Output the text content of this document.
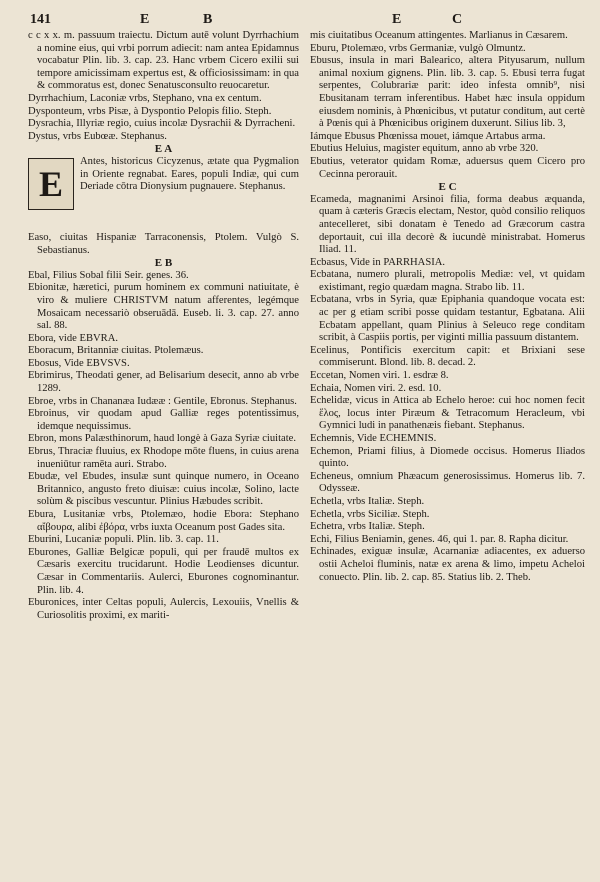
141	E	B	E	C

c c x x. m. passuum traiectu. Dictum autē volunt Dyrrhachium a nomine eius, qui vrbi porrum adiecit: nam antea Epidamnus vocabatur Plin. lib. 3. cap. 23. Hanc vrbem Cicero exilii sui tempore amicissimam expertus est, & officiosissimam: in qua & commoratus est, donec Senatusconsulto reuocaretur.

Dyrrhachium, Laconiæ vrbs, Stephano, vna ex centum.

Dysponteum, vrbs Pisæ, à Dyspontio Pelopis filio. Steph.

Dysrachia, Illyriæ regio, cuius incolæ Dysrachii & Dyrracheni.

Dystus, vrbs Eubœæ. Stephanus.

E A

E

Antes, historicus Cicyzenus, ætate qua Pygmalion in Oriente regnabat. Eares, populi Indiæ, qui cum Deriade cōtra Dionysium pugnauere. Stephanus.

Easo, ciuitas Hispaniæ Tarraconensis, Ptolem. Vulgò S. Sebastianus.

E B

Ebal, Filius Sobal filii Seir. genes. 36.

Ebionitæ, hæretici, purum hominem ex communi natiuitate, è viro & muliere CHRISTVM natum afferentes, legémque Mosaicam necessariò obseruādā. Euseb. li. 3. cap. 27. anno sal. 88.

Ebora, vide EBVRA.

Eboracum, Britanniæ ciuitas. Ptolemæus.

Ebosus, Vide EBVSVS.

Ebrimirus, Theodati gener, ad Belisarium desecit, anno ab vrbe 1289.

Ebroe, vrbs in Chananæa Iudææ : Gentile, Ebronus. Stephanus.

Ebroinus, vir quodam apud Galliæ reges potentissimus, idemque nequissimus.

Ebron, mons Palæsthinorum, haud longè à Gaza Syriæ ciuitate.

Ebrus, Thraciæ fluuius, ex Rhodope mōte fluens, in cuius arena inueniūtur ramēta auri. Strabo.

Ebudæ, vel Ebudes, insulæ sunt quinque numero, in Oceano Britannico, angusto freto diuisæ: cuius incolæ, Solino, lacte solùm & piscibus vescuntur. Plinius Hæbudes scribit.

Ebura, Lusitaniæ vrbs, Ptolemæo, hodie Ebora: Stephano αἴβουρα, alibi ἐβόρα, vrbs iuxta Oceanum post Gades sita.

Eburini, Lucaniæ populi. Plin. lib. 3. cap. 11.

Eburones, Galliæ Belgicæ populi, qui per fraudē multos ex Cæsaris exercitu trucidarunt. Hodie Leodienses dicuntur. Cæsar in Commentariis. Aulerci, Eburones cognominantur. Plin. lib. 4.

Eburonices, inter Celtas populi, Aulercis, Lexouiis, Vnellis & Curiosolitis proximi, ex mariti-

mis ciuitatibus Oceanum attingentes. Marlianus in Cæsarem.

Eburu, Ptolemæo, vrbs Germaniæ, vulgò Olmuntz.

Ebusus, insula in mari Balearico, altera Pityusarum, nullum animal noxium gignens. Plin. lib. 3. cap. 5. Ebusi terra fugat serpentes, Colubrariæ parit: ideo infesta omnib⁹, nisi Ebusitanam terram inferentibus. Habet hæc insula oppidum eiusdem nominis, à Phœnicibus, vt putatur conditum, aut certè à Pœnis qui à Phœnicibus originem duxerunt. Silius lib. 3,

Iámque Ebusus Phœnissa mouet, iámque Artabus arma.

Ebutius Heluius, magister equitum, anno ab vrbe 320.

Ebutius, veterator quidam Romæ, aduersus quem Cicero pro Cecinna perorauit.

E C

Ecameda, magnanimi Arsinoi filia, forma deabus æquanda, quam à cæteris Græcis electam, Nestor, quòd consilio reliquos antecelleret, sibi donatam è Tenedo ad Græcorum castra deportauit, cui illa decorè & iucundè ministrabat. Homerus Iliad. 11.

Ecbasus, Vide in PARRHASIA.

Ecbatana, numero plurali, metropolis Mediæ: vel, vt quidam existimant, regio quædam magna. Strabo lib. 11.

Ecbatana, vrbs in Syria, quæ Epiphania quandoque vocata est: ac per g etiam scribi posse quidam testantur, Egbatana. Alii Ecbatam appellant, quam Plinius à Seleuco rege conditam scribit, à Caspiis portis, per viginti millia passuum distantem.

Ecelinus, Pontificis exercitum capit: et Brixiani sese commiserunt. Blond. lib. 8. decad. 2.

Eccetan, Nomen viri. 1. esdræ 8.

Echaia, Nomen viri. 2. esd. 10.

Echelidæ, vicus in Attica ab Echelo heroe: cui hoc nomen fecit ἕλος, locus inter Piræum & Tetracomum Heracleum, vbi Gymnici ludi in panathenæis fiebant. Stephanus.

Echemnis, Vide ECHEMNIS.

Echemon, Priami filius, à Diomede occisus. Homerus Iliados quinto.

Echeneus, omnium Phæacum generosissimus. Homerus lib. 7. Odysseæ.

Echetla, vrbs Italiæ. Steph.

Echetla, vrbs Siciliæ. Steph.

Echetra, vrbs Italiæ. Steph.

Echi, Filius Beniamin, genes. 46, qui 1. par. 8. Rapha dicitur.

Echinades, exiguæ insulæ, Acarnaniæ adiacentes, ex aduerso ostii Acheloi fluminis, natæ ex arena & limo, impetu Acheloi conuecto. Plin. lib. 2. cap. 85. Statius lib. 2. Theb.
